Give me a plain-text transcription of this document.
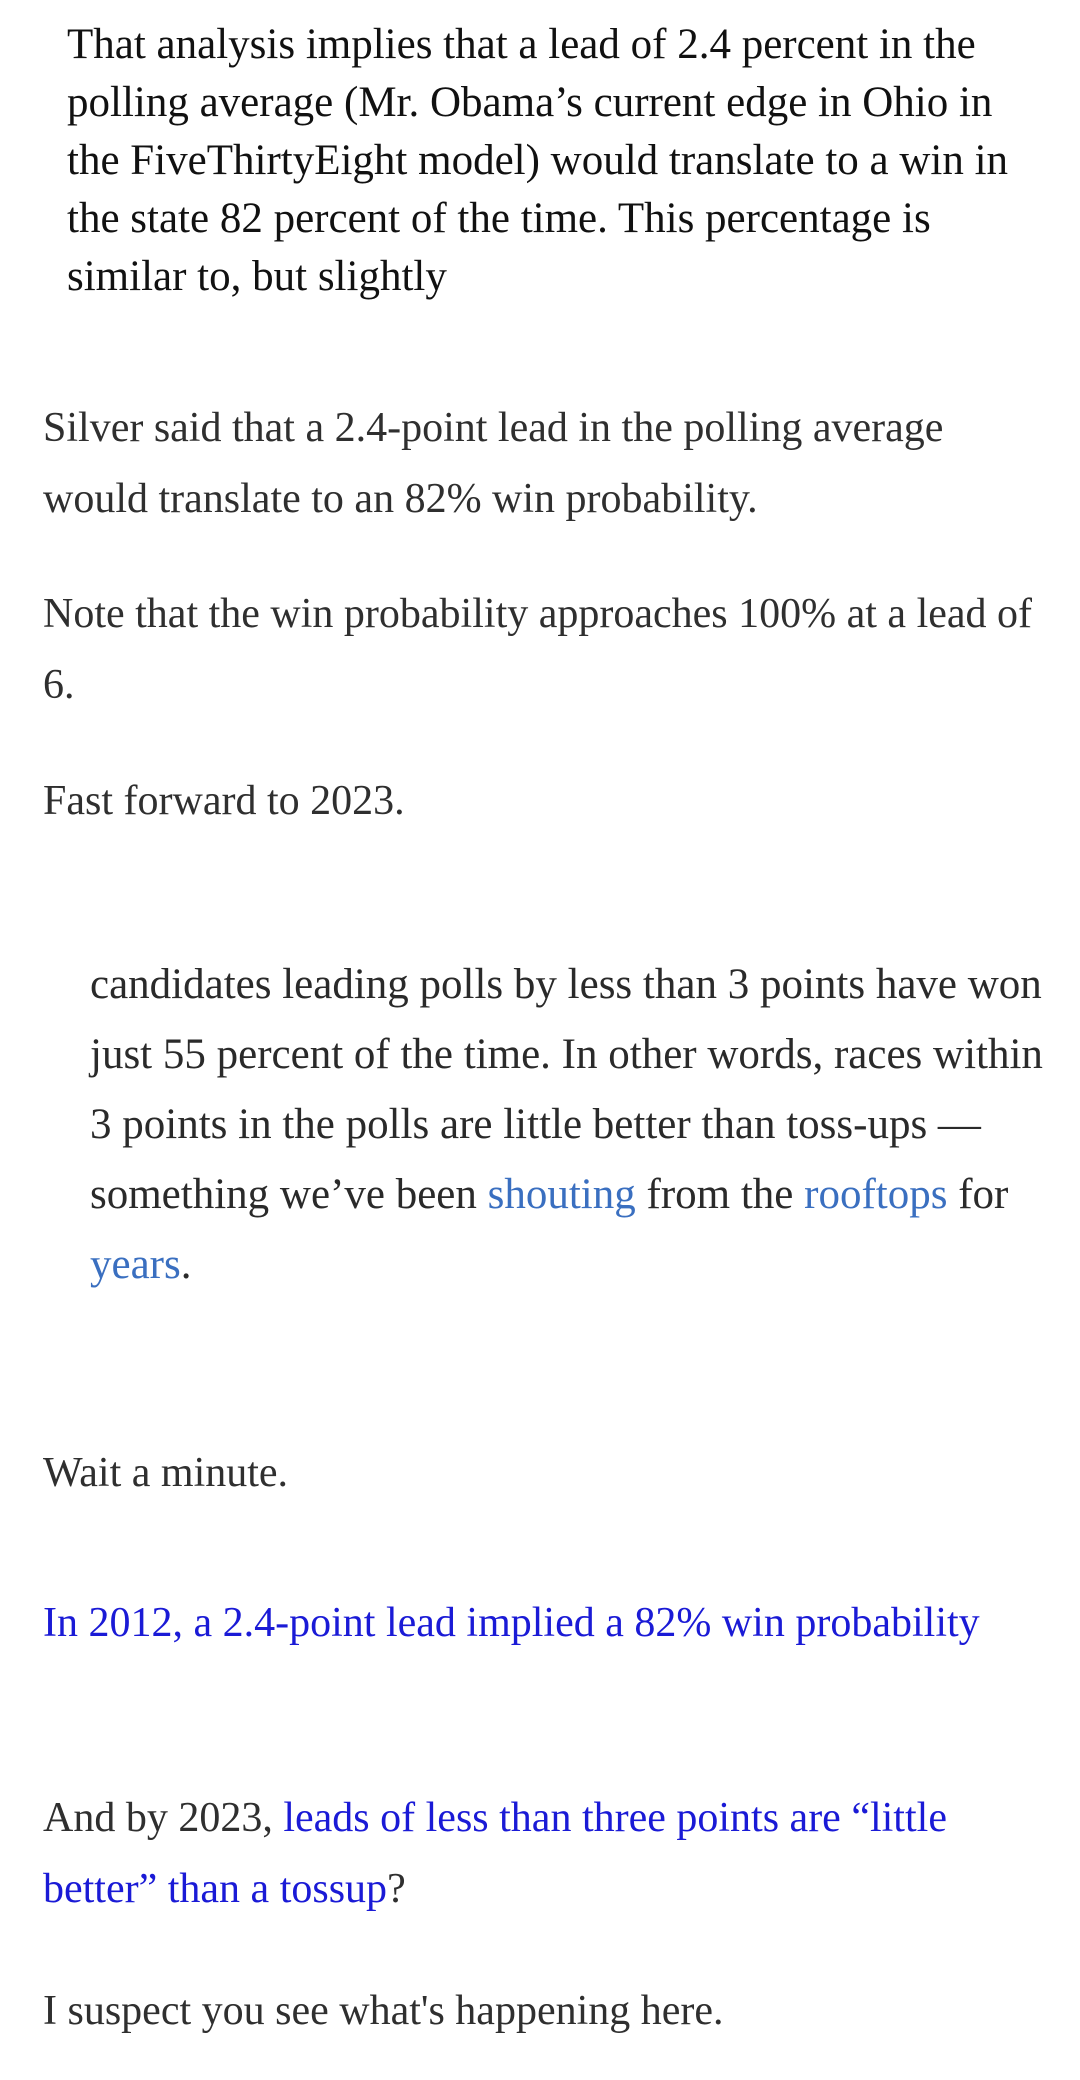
That analysis implies that a lead of 2.4 percent in the polling average (Mr. Obama’s current edge in Ohio in the FiveThirtyEight model) would translate to a win in the state 82 percent of the time. This percentage is similar to, but slightly

Silver said that a 2.4-point lead in the polling average would translate to an 82% win probability.

Note that the win probability approaches 100% at a lead of 6.

Fast forward to 2023.

candidates leading polls by less than 3 points have won just 55 percent of the time. In other words, races within 3 points in the polls are little better than toss-ups — something we’ve been shouting from the rooftops for years.

Wait a minute.

In 2012, a 2.4-point lead implied a 82% win probability

And by 2023, leads of less than three points are “little better” than a tossup?

I suspect you see what's happening here.
